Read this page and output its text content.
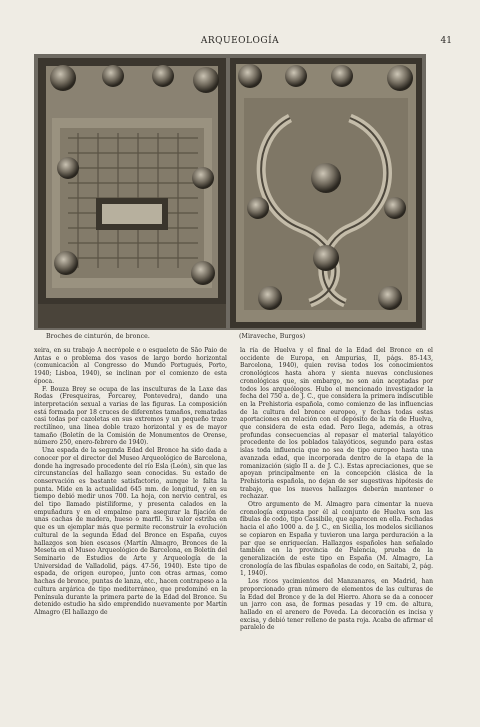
ARQUEOLOGÍA	41
Broches de cinturón, de bronce.	(Miraveche, Burgos)

xeira, en su trabajo A necrópole e o esqueleto de São Paio de Antas e o problema dos vasos de largo bordo horizontal (comunicación al Congresso do Mundo Portugués, Porto, 1940; Lisboa, 1940), se inclinan por el comienzo de esta época.

F. Bouza Brey se ocupa de las insculturas de la Laxe das Rodas (Fresqueiras, Forcarey, Pontevedra), dando una interpretación sexual a varias de las figuras. La composición está formada por 18 cruces de diferentes tamaños, rematadas casi todas por cazoletas en sus extremos y un pequeño trazo rectilíneo, una línea doble trazo horizontal y es de mayor tamaño (Boletín de la Comisión de Monumentos de Orense, número 250, enero-febrero de 1940).

Una espada de la segunda Edad del Bronce ha sido dada a conocer por el director del Museo Arqueológico de Barcelona, donde ha ingresado procedente del río Esla (León), sin que las circunstancias del hallazgo sean conocidas. Su estado de conservación es bastante satisfactorio, aunque le falta la punta. Mide en la actualidad 645 mm. de longitud, y en su tiempo debió medir unos 700. La hoja, con nervio central, es del tipo llamado pistiliforme, y presenta calados en la empuñadura y en el empalme para asegurar la fijación de unas cachas de madera, hueso o marfil. Su valor estriba en que es un ejemplar más que permite reconstruir la evolución cultural de la segunda Edad del Bronce en España, cuyos hallazgos son bien escasos (Martín Almagro, Bronces de la Meseta en el Museo Arqueológico de Barcelona, en Boletín del Seminario de Estudios de Arte y Arqueología de la Universidad de Valladolid, págs. 47-56, 1940). Este tipo de espada, de origen europeo, junto con otras armas, como hachas de bronce, puntas de lanza, etc., hacen contrapeso a la cultura argárica de tipo mediterráneo, que predominó en la Península durante la primera parte de la Edad del Bronce. Su detenido estudio ha sido emprendido nuevamente por Martín Almagro (El hallazgo de

la ría de Huelva y el final de la Edad del Bronce en el occidente de Europa, en Ampurias, II, págs. 85-143, Barcelona, 1940), quien revisa todos los conocimientos cronológicos hasta ahora y sienta nuevas conclusiones cronológicas que, sin embargo, no son aún aceptadas por todos los arqueólogos. Hubo el mencionado investigador la fecha del 750 a. de J. C., que considera la primera indiscutible en la Prehistoria española, como comienzo de las influencias de la cultura del bronce europeo, y fechas todas estas aportaciones en relación con el depósito de la ría de Huelva, que considera de esta edad. Pero llega, además, a otras profundas consecuencias al repasar el material talayótico procedente de los poblados talayóticos, segundo para estas islas toda influencia que no sea de tipo europeo hasta una avanzada edad, que incorporada dentro de la etapa de la romanización (siglo II a. de J. C.). Estas apreciaciones, que se apoyan principalmente en la concepción clásica de la Prehistoria española, no dejan de ser sugestivas hipótesis de trabajo, que los nuevos hallazgos deberán mantener o rechazar.

Otro argumento de M. Almagro para cimentar la nueva cronología expuesta por él al conjunto de Huelva son las fíbulas de codo, tipo Cassibile, que aparecen en ella. Fechadas hacia el año 1000 a. de J. C., en Sicilia, los modelos sicilianos se copiaron en España y tuvieron una larga perduración a la par que se enriquecían. Hallazgos españoles han señalado también en la provincia de Palencia, prueba de la generalización de este tipo en España (M. Almagro, La cronología de las fíbulas españolas de codo, en Saitabi, 2, pág. 1, 1940).

Los ricos yacimientos del Manzanares, en Madrid, han proporcionado gran número de elementos de las culturas de la Edad del Bronce y de la del Hierro. Ahora se da a conocer un jarro con asa, de formas pesadas y 19 cm. de altura, hallado en el arenero de Poveda. La decoración es incisa y excisa, y debió tener relleno de pasta roja. Acaba de afirmar el paralelo de
